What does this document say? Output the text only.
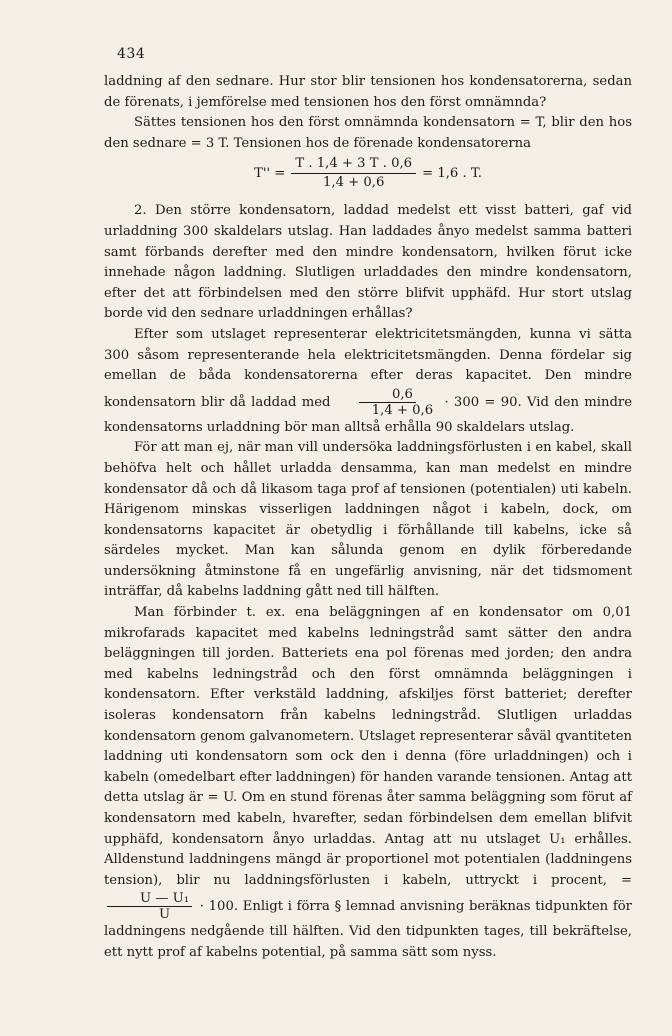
434

laddning af den sednare. Hur stor blir tensionen hos kondensatorerna, sedan de förenats, i jemförelse med tensionen hos den först omnämnda?

Sättes tensionen hos den först omnämnda kondensatorn = T, blir den hos den sednare = 3 T. Tensionen hos de förenade kondensatorerna

$T'' = \frac{T . 1,4 + 3 T . 0,6}{1,4 + 0,6} = 1,6$ . T.

2. Den större kondensatorn, laddad medelst ett visst batteri, gaf vid urladdning 300 skaldelars utslag. Han laddades ånyo medelst samma batteri samt förbands derefter med den mindre kondensatorn, hvilken förut icke innehade någon laddning. Slutligen urladdades den mindre kondensatorn, efter det att förbindelsen med den större blifvit upphäfd. Hur stort utslag borde vid den sednare urladdningen erhållas?

Efter som utslaget representerar elektricitetsmängden, kunna vi sätta 300 såsom representerande hela elektricitetsmängden. Denna fördelar sig emellan de båda kondensatorerna efter deras kapacitet. Den mindre kondensatorn blir då laddad med $\frac{0,6}{1,4 + 0,6} \cdot 300 = 90$. Vid den mindre kondensatorns urladdning bör man alltså erhålla 90 skaldelars utslag.

För att man ej, när man vill undersöka laddningsförlusten i en kabel, skall behöfva helt och hållet urladda densamma, kan man medelst en mindre kondensator då och då likasom taga prof af tensionen (potentialen) uti kabeln. Härigenom minskas visserligen laddningen något i kabeln, dock, om kondensatorns kapacitet är obetydlig i förhållande till kabelns, icke så särdeles mycket. Man kan sålunda genom en dylik förberedande undersökning åtminstone få en ungefärlig anvisning, när det tidsmoment inträffar, då kabelns laddning gått ned till hälften.

Man förbinder t. ex. ena beläggningen af en kondensator om 0,01 mikrofarads kapacitet med kabelns ledningstråd samt sätter den andra beläggningen till jorden. Batteriets ena pol förenas med jorden; den andra med kabelns ledningstråd och den först omnämnda beläggningen i kondensatorn. Efter verkstäld laddning, afskiljes först batteriet; derefter isoleras kondensatorn från kabelns ledningstråd. Slutligen urladdas kondensatorn genom galvanometern. Utslaget representerar såväl qvantiteten laddning uti kondensatorn som ock den i denna (före urladdningen) och i kabeln (omedelbart efter laddningen) för handen varande tensionen. Antag att detta utslag är = U. Om en stund förenas åter samma beläggning som förut af kondensatorn med kabeln, hvarefter, sedan förbindelsen dem emellan blifvit upphäfd, kondensatorn ånyo urladdas. Antag att nu utslaget U₁ erhålles. Alldenstund laddningens mängd är proportionel mot potentialen (laddningens tension), blir nu laddningsförlusten i kabeln, uttryckt i procent, =
$\frac{\text{U — U₁}}{U} \cdot 100$. Enligt i förra § lemnad anvisning beräknas tidpunkten för laddningens nedgående till hälften. Vid den tidpunkten tages, till bekräftelse, ett nytt prof af kabelns potential, på samma sätt som nyss.
